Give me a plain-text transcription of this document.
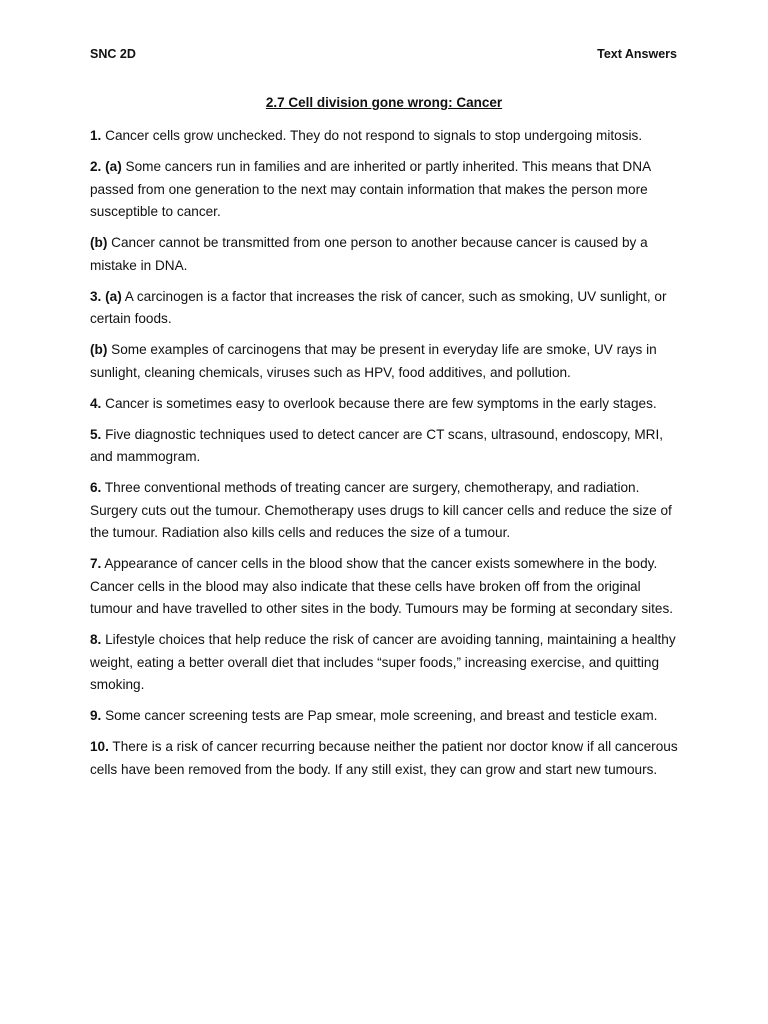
SNC 2D	Text Answers
2.7 Cell division gone wrong: Cancer

1. Cancer cells grow unchecked. They do not respond to signals to stop undergoing mitosis.

2. (a) Some cancers run in families and are inherited or partly inherited. This means that DNA passed from one generation to the next may contain information that makes the person more susceptible to cancer.

(b) Cancer cannot be transmitted from one person to another because cancer is caused by a mistake in DNA.

3. (a) A carcinogen is a factor that increases the risk of cancer, such as smoking, UV sunlight, or certain foods.

(b) Some examples of carcinogens that may be present in everyday life are smoke, UV rays in sunlight, cleaning chemicals, viruses such as HPV, food additives, and pollution.

4. Cancer is sometimes easy to overlook because there are few symptoms in the early stages.

5. Five diagnostic techniques used to detect cancer are CT scans, ultrasound, endoscopy, MRI, and mammogram.

6. Three conventional methods of treating cancer are surgery, chemotherapy, and radiation. Surgery cuts out the tumour. Chemotherapy uses drugs to kill cancer cells and reduce the size of the tumour. Radiation also kills cells and reduces the size of a tumour.

7. Appearance of cancer cells in the blood show that the cancer exists somewhere in the body. Cancer cells in the blood may also indicate that these cells have broken off from the original tumour and have travelled to other sites in the body. Tumours may be forming at secondary sites.

8. Lifestyle choices that help reduce the risk of cancer are avoiding tanning, maintaining a healthy weight, eating a better overall diet that includes “super foods,” increasing exercise, and quitting smoking.

9. Some cancer screening tests are Pap smear, mole screening, and breast and testicle exam.

10. There is a risk of cancer recurring because neither the patient nor doctor know if all cancerous cells have been removed from the body. If any still exist, they can grow and start new tumours.
